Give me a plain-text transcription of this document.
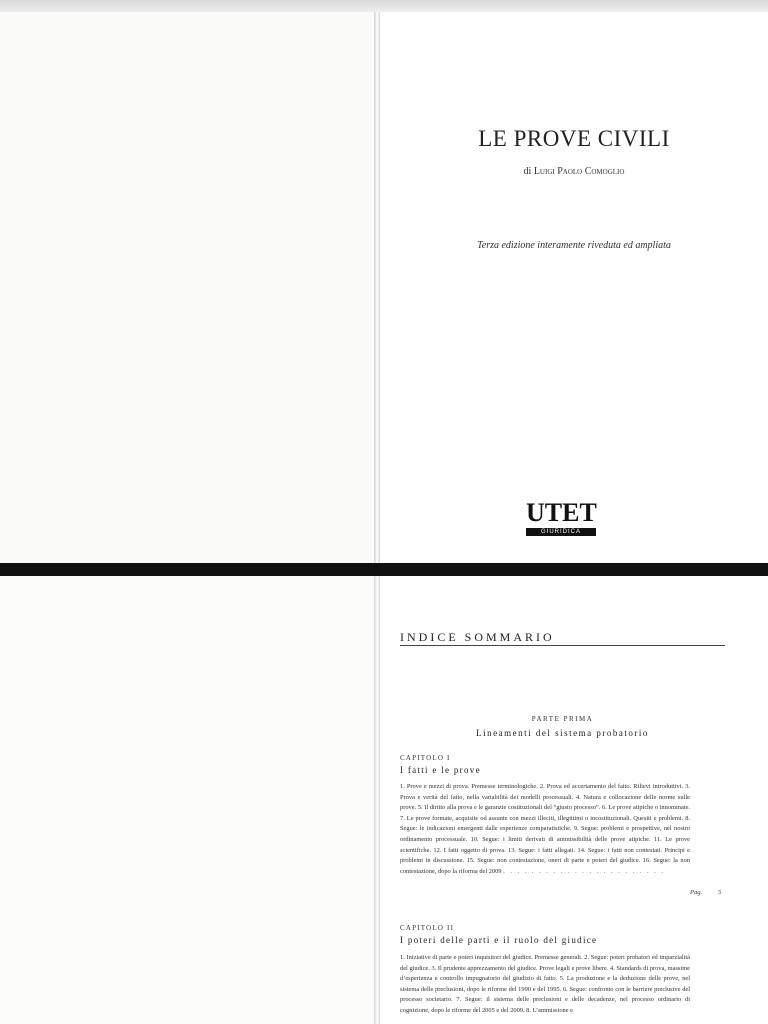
LE PROVE CIVILI
di Luigi Paolo Comoglio
Terza edizione interamente riveduta ed ampliata
UTET
GIURIDICA
INDICE SOMMARIO
PARTE PRIMA
Lineamenti del sistema probatorio
CAPITOLO I
I fatti e le prove
1. Prove e mezzi di prova. Premesse terminologiche. 2. Prova ed accertamento del fatto. Rilievi introduttivi. 3. Prova e verità del fatto, nella variabilità dei modelli processuali. 4. Natura e collocazione delle norme sulle prove. 5. Il diritto alla prova e le garanzie costituzionali del “giusto processo”. 6. Le prove atipiche o innominate. 7. Le prove formate, acquisite od assunte con mezzi illeciti, illegittimi o incostituzionali. Quesiti e problemi. 8. Segue: le indicazioni emergenti dalle esperienze comparatistiche. 9. Segue: problemi e prospettive, nel nostro ordinamento processuale. 10. Segue: i limiti derivati di ammissibilità delle prove atipiche. 11. Le prove scientifiche. 12. I fatti oggetto di prova. 13. Segue: i fatti allegati. 14. Segue: i fatti non contestati. Principi e problemi in discussione. 15. Segue: non contestazione, oneri di parte e poteri del giudice. 16. Segue: la non contestazione, dopo la riforma del 2009 . . . . . . . . . . . . . . . . . . . . . . .
Pag. 3
CAPITOLO II
I poteri delle parti e il ruolo del giudice
1. Iniziative di parte e poteri inquisitori del giudice. Premesse generali. 2. Segue: poteri probatori ed imparzialità del giudice. 3. Il prudente apprezzamento del giudice. Prove legali e prove libere. 4. Standards di prova, massime d’esperienza e controllo impugnatorio del giudizio di fatto. 5. La produzione e la deduzione delle prove, nel sistema delle preclusioni, dopo le riforme del 1990 e del 1995. 6. Segue: confronto con le barriere preclusive del processo societario. 7. Segue: il sistema delle preclusioni e delle decadenze, nel processo ordinario di cognizione, dopo le riforme del 2005 e del 2009. 8. L’ammissione e
